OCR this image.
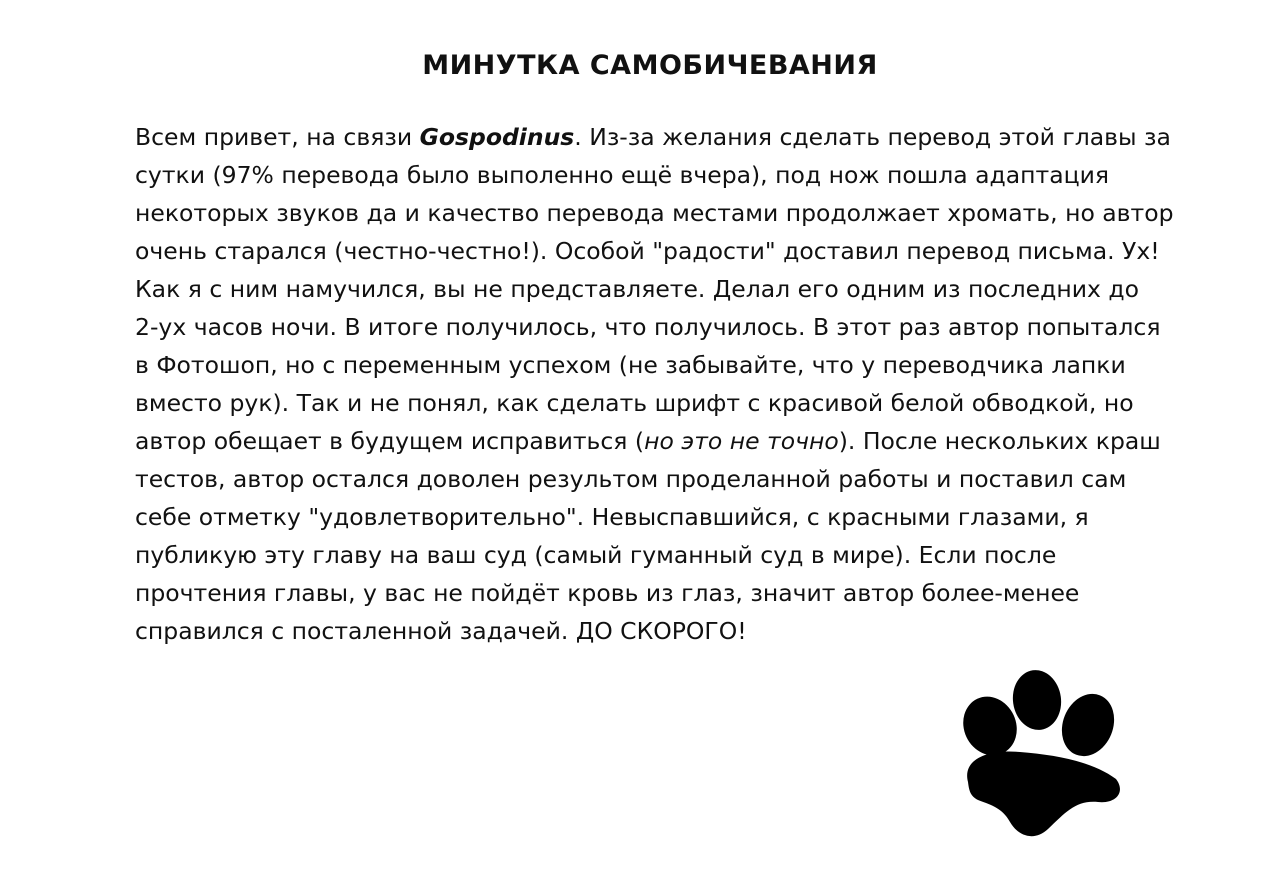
МИНУТКА САМОБИЧЕВАНИЯ

Всем привет, на связи Gospodinus. Из-за желания сделать перевод этой главы за
сутки (97% перевода было выполенно ещё вчера), под нож пошла адаптация
некоторых звуков да и качество перевода местами продолжает хромать, но автор
очень старался (честно-честно!). Особой "радости" доставил перевод письма. Ух!
Как я с ним намучился, вы не представляете. Делал его одним из последних до
2-ух часов ночи. В итоге получилось, что получилось. В этот раз автор попытался
в Фотошоп, но с переменным успехом (не забывайте, что у переводчика лапки
вместо рук). Так и не понял, как сделать шрифт с красивой белой обводкой, но
автор обещает в будущем исправиться (но это не точно). После нескольких краш
тестов, автор остался доволен результом проделанной работы и поставил сам
себе отметку "удовлетворительно". Невыспавшийся, с красными глазами, я
публикую эту главу на ваш суд (самый гуманный суд в мире). Если после
прочтения главы, у вас не пойдёт кровь из глаз, значит автор более-менее
справился с посталенной задачей. ДО СКОРОГО!
